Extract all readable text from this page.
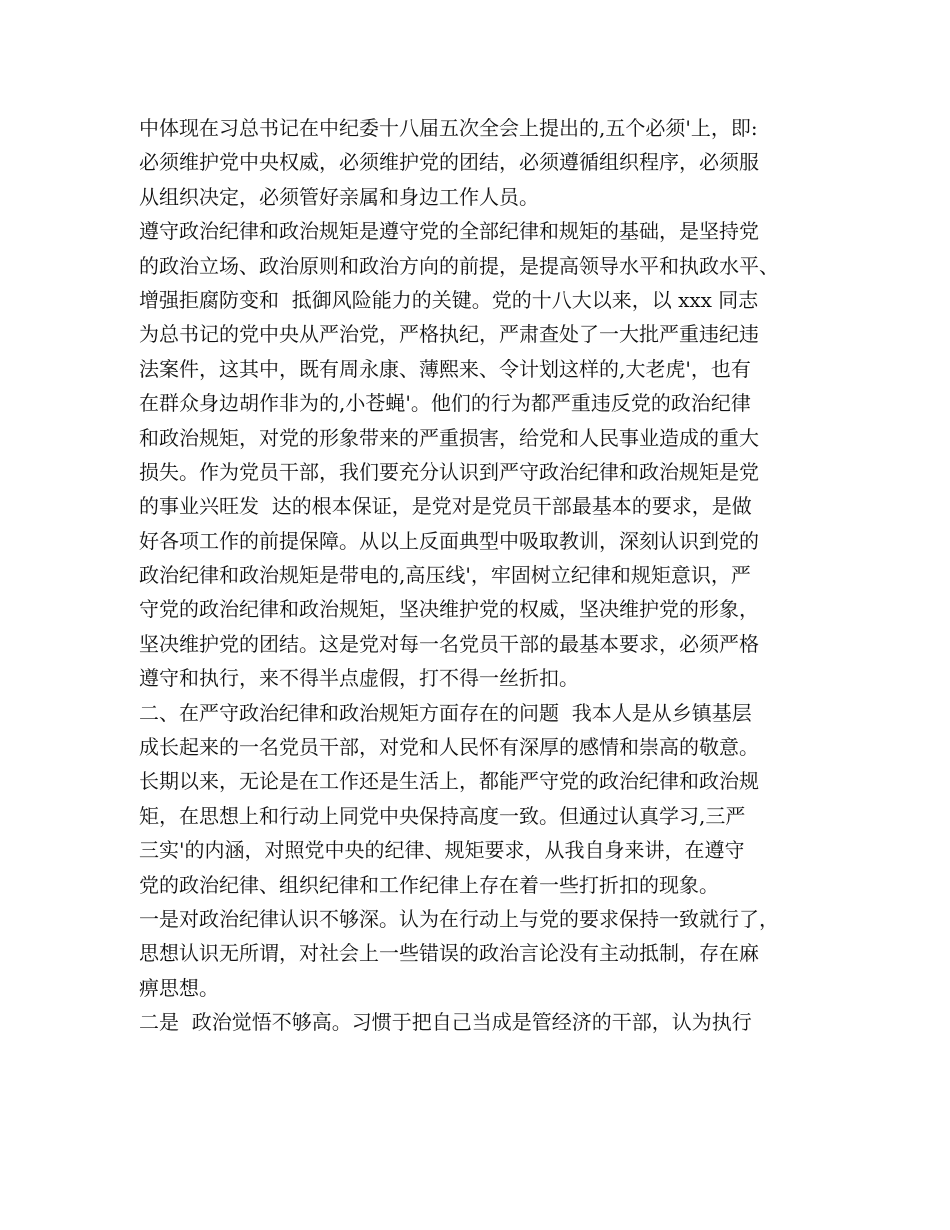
中体现在习总书记在中纪委十八届五次全会上提出的,五个必须'上，即:
必须维护党中央权威，必须维护党的团结，必须遵循组织程序，必须服
从组织决定，必须管好亲属和身边工作人员。
遵守政治纪律和政治规矩是遵守党的全部纪律和规矩的基础，是坚持党
的政治立场、政治原则和政治方向的前提，是提高领导水平和执政水平、
增强拒腐防变和  抵御风险能力的关键。党的十八大以来，以 xxx 同志
为总书记的党中央从严治党，严格执纪，严肃查处了一大批严重违纪违
法案件，这其中，既有周永康、薄熙来、令计划这样的,大老虎'，也有
在群众身边胡作非为的,小苍蝇'。他们的行为都严重违反党的政治纪律
和政治规矩，对党的形象带来的严重损害，给党和人民事业造成的重大
损失。作为党员干部，我们要充分认识到严守政治纪律和政治规矩是党
的事业兴旺发  达的根本保证，是党对是党员干部最基本的要求，是做
好各项工作的前提保障。从以上反面典型中吸取教训，深刻认识到党的
政治纪律和政治规矩是带电的,高压线'，牢固树立纪律和规矩意识，严
守党的政治纪律和政治规矩，坚决维护党的权威，坚决维护党的形象，
坚决维护党的团结。这是党对每一名党员干部的最基本要求，必须严格
遵守和执行，来不得半点虚假，打不得一丝折扣。
二、在严守政治纪律和政治规矩方面存在的问题  我本人是从乡镇基层
成长起来的一名党员干部，对党和人民怀有深厚的感情和崇高的敬意。
长期以来，无论是在工作还是生活上，都能严守党的政治纪律和政治规
矩，在思想上和行动上同党中央保持高度一致。但通过认真学习,三严
三实'的内涵，对照党中央的纪律、规矩要求，从我自身来讲，在遵守
党的政治纪律、组织纪律和工作纪律上存在着一些打折扣的现象。
一是对政治纪律认识不够深。认为在行动上与党的要求保持一致就行了，
思想认识无所谓，对社会上一些错误的政治言论没有主动抵制，存在麻
痹思想。
二是  政治觉悟不够高。习惯于把自己当成是管经济的干部，认为执行
